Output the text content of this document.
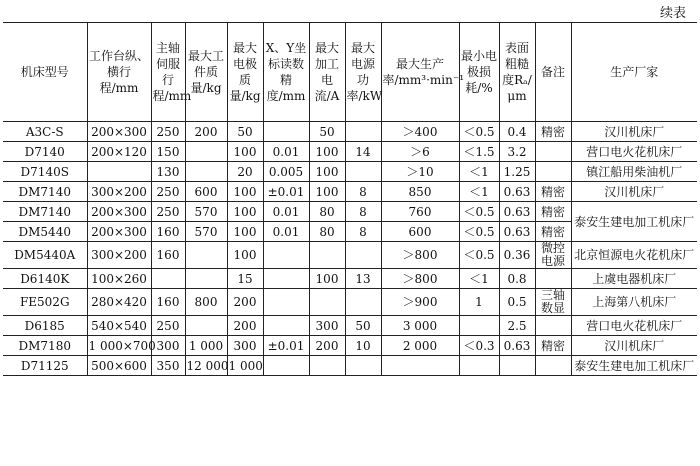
续表
机床型号	工作台纵、横行程/mm	主轴伺服行程/mm	最大工件质量/kg	最大电极质量/kg	X、Y坐标读数精度/mm	最大加工电流/A	最大电源功率/kW	最大生产率/mm³·min⁻¹	最小电极损耗/%	表面粗糙度Rₐ/μm	备注	生产厂家
A3C-S	200×300	250	200	50		50		＞400	＜0.5	0.4	精密	汉川机床厂
D7140	200×120	150		100	0.01	100	14	＞6	＜1.5	3.2		营口电火花机床厂
D7140S		130		20	0.005	100		＞10	＜1	1.25		镇江船用柴油机厂
DM7140	300×200	250	600	100	±0.01	100	8	850	＜1	0.63	精密	汉川机床厂
DM7140	200×300	250	570	100	0.01	80	8	760	＜0.5	0.63	精密	泰安生建电加工机床厂
DM5440	200×300	160	570	100	0.01	80	8	600	＜0.5	0.63	精密	
DM5440A	300×200	160		100				＞800	＜0.5	0.36	微控电源	北京恒源电火花机床厂
D6140K	100×260			15		100	13	＞800	＜1	0.8		上虞电器机床厂
FE502G	280×420	160	800	200				＞900	1	0.5	三轴数显	上海第八机床厂
D6185	540×540	250		200		300	50	3 000		2.5		营口电火花机床厂
DM7180	1 000×700	300	1 000	300	±0.01	200	10	2 000	＜0.3	0.63	精密	汉川机床厂
D71125	500×600	350	12 000	1 000								泰安生建电加工机床厂
